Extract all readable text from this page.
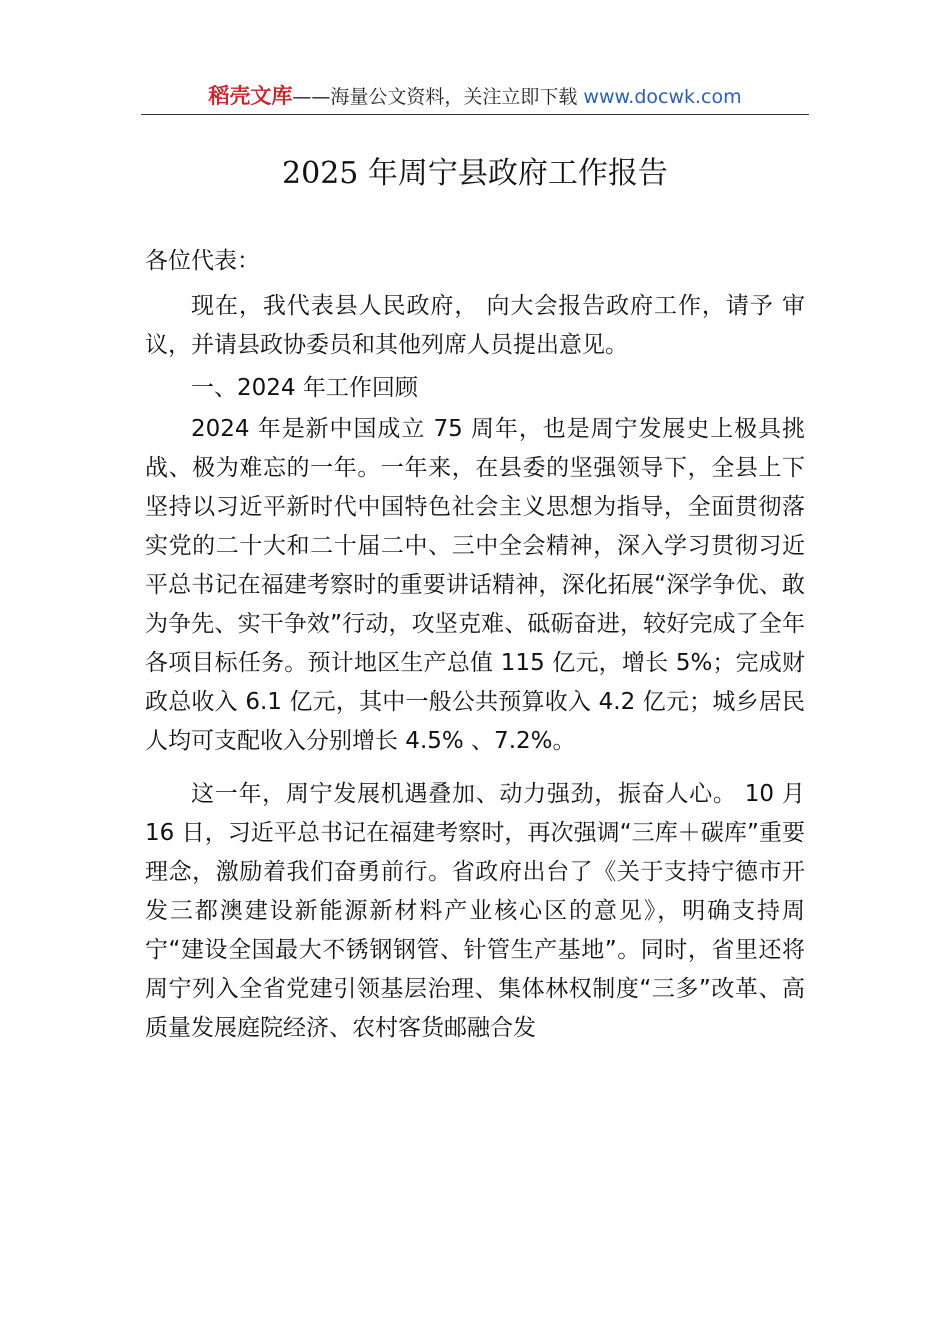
稻壳文库——海量公文资料，关注立即下载 www.docwk.com
2025 年周宁县政府工作报告

各位代表：

现在，我代表县人民政府， 向大会报告政府工作，请予 审议，并请县政协委员和其他列席人员提出意见。

一、2024 年工作回顾

2024 年是新中国成立 75 周年，也是周宁发展史上极具挑战、极为难忘的一年。一年来，在县委的坚强领导下，全县上下坚持以习近平新时代中国特色社会主义思想为指导，全面贯彻落实党的二十大和二十届二中、三中全会精神，深入学习贯彻习近平总书记在福建考察时的重要讲话精神，深化拓展“深学争优、敢为争先、实干争效”行动，攻坚克难、砥砺奋进，较好完成了全年各项目标任务。预计地区生产总值 115 亿元，增长 5%；完成财政总收入 6.1 亿元，其中一般公共预算收入 4.2 亿元；城乡居民人均可支配收入分别增长 4.5% 、7.2%。

这一年，周宁发展机遇叠加、动力强劲，振奋人心。 10 月 16 日，习近平总书记在福建考察时，再次强调“三库＋碳库”重要理念，激励着我们奋勇前行。省政府出台了《关于支持宁德市开发三都澳建设新能源新材料产业核心区的意见》，明确支持周宁“建设全国最大不锈钢钢管、针管生产基地”。同时，省里还将周宁列入全省党建引领基层治理、集体林权制度“三多”改革、高质量发展庭院经济、农村客货邮融合发
